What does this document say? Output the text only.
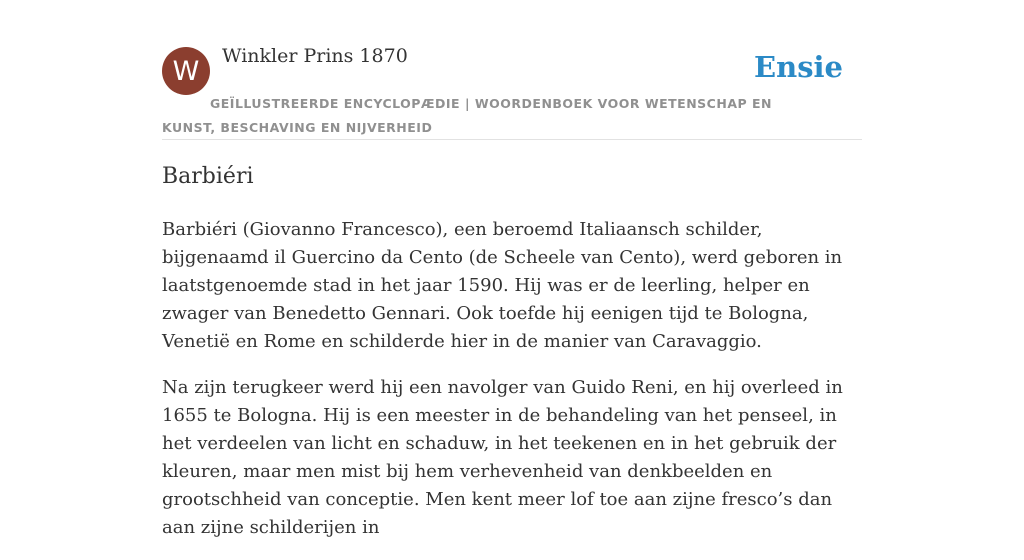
W	Winkler Prins 1870	Ensie
GEÏLLUSTREERDE ENCYCLOPÆDIE | WOORDENBOEK VOOR WETENSCHAP EN KUNST, BESCHAVING EN NIJVERHEID
Barbiéri

Barbiéri (Giovanno Francesco), een beroemd Italiaansch schilder, bijgenaamd il Guercino da Cento (de Scheele van Cento), werd geboren in laatstgenoemde stad in het jaar 1590. Hij was er de leerling, helper en zwager van Benedetto Gennari. Ook toefde hij eenigen tijd te Bologna, Venetië en Rome en schilderde hier in de manier van Caravaggio.

Na zijn terugkeer werd hij een navolger van Guido Reni, en hij overleed in 1655 te Bologna. Hij is een meester in de behandeling van het penseel, in het verdeelen van licht en schaduw, in het teekenen en in het gebruik der kleuren, maar men mist bij hem verhevenheid van denkbeelden en grootschheid van conceptie. Men kent meer lof toe aan zijne fresco’s dan aan zijne schilderijen in
